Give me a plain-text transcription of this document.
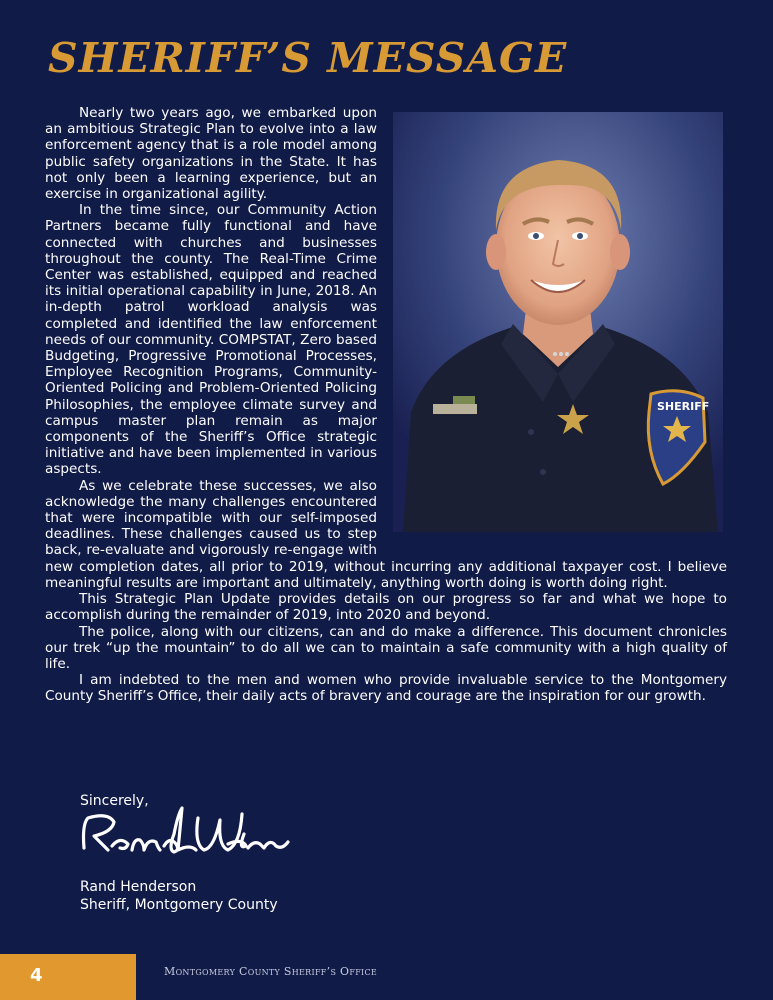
SHERIFF’S MESSAGE
SHERIFF

Nearly two years ago, we embarked upon an ambitious Strategic Plan to evolve into a law enforcement agency that is a role model among public safety organizations in the State. It has not only been a learning experience, but an exercise in organizational agility.

In the time since, our Community Action Partners became fully functional and have connected with churches and businesses throughout the county. The Real-Time Crime Center was established, equipped and reached its initial operational capability in June, 2018. An in-depth patrol workload analysis was completed and identified the law enforcement needs of our community. COMPSTAT, Zero based Budgeting, Progressive Promotional Processes, Employee Recognition Programs, Community-Oriented Policing and Problem-Oriented Policing Philosophies, the employee climate survey and campus master plan remain as major components of the Sheriff’s Office strategic initiative and have been implemented in various aspects.

As we celebrate these successes, we also acknowledge the many challenges encountered that were incompatible with our self-imposed deadlines. These challenges caused us to step back, re-evaluate and vigorously re-engage with new completion dates, all prior to 2019, without incurring any additional taxpayer cost. I believe meaningful results are important and ultimately, anything worth doing is worth doing right.

This Strategic Plan Update provides details on our progress so far and what we hope to accomplish during the remainder of 2019, into 2020 and beyond.

The police, along with our citizens, can and do make a difference. This document chronicles our trek “up the mountain” to do all we can to maintain a safe community with a high quality of life.

I am indebted to the men and women who provide invaluable service to the Montgomery County Sheriff’s Office, their daily acts of bravery and courage are the inspiration for our growth.

Sincerely,
Rand Henderson
Sheriff, Montgomery County
4	Montgomery County Sheriff’s Office
